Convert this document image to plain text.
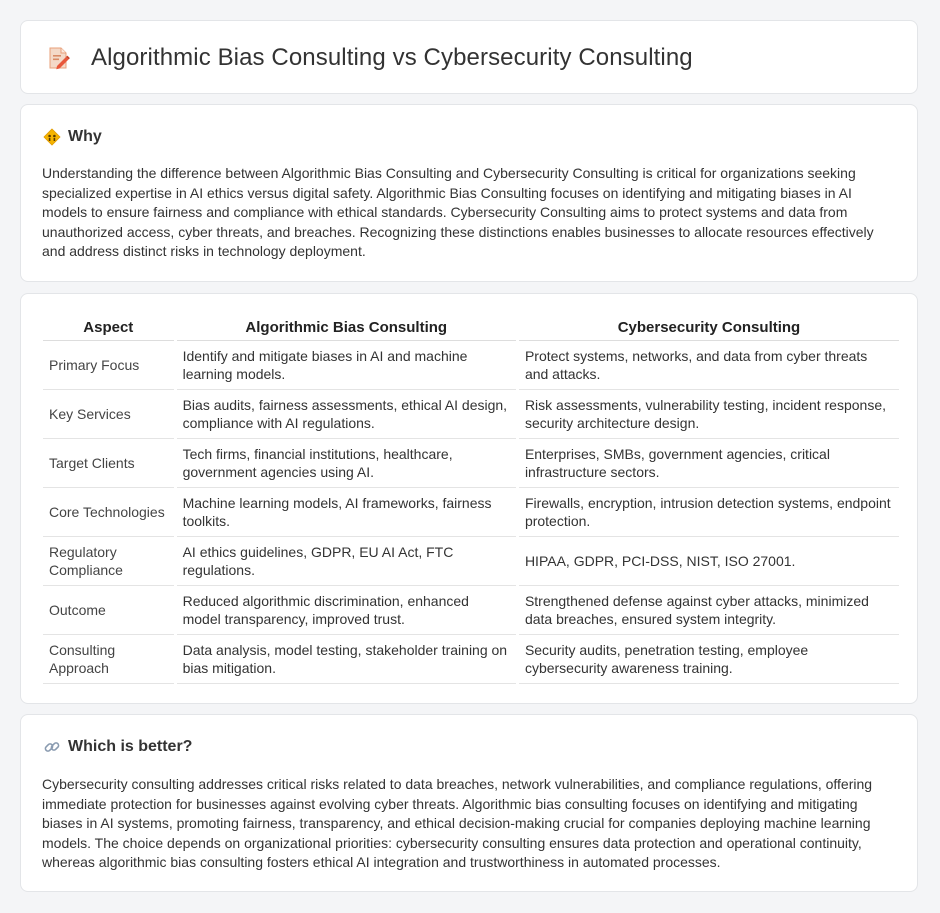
Algorithmic Bias Consulting vs Cybersecurity Consulting
Why
Understanding the difference between Algorithmic Bias Consulting and Cybersecurity Consulting is critical for organizations seeking specialized expertise in AI ethics versus digital safety. Algorithmic Bias Consulting focuses on identifying and mitigating biases in AI models to ensure fairness and compliance with ethical standards. Cybersecurity Consulting aims to protect systems and data from unauthorized access, cyber threats, and breaches. Recognizing these distinctions enables businesses to allocate resources effectively and address distinct risks in technology deployment.
Aspect	Algorithmic Bias Consulting	Cybersecurity Consulting
Primary Focus	Identify and mitigate biases in AI and machine learning models.	Protect systems, networks, and data from cyber threats and attacks.
Key Services	Bias audits, fairness assessments, ethical AI design, compliance with AI regulations.	Risk assessments, vulnerability testing, incident response, security architecture design.
Target Clients	Tech firms, financial institutions, healthcare, government agencies using AI.	Enterprises, SMBs, government agencies, critical infrastructure sectors.
Core Technologies	Machine learning models, AI frameworks, fairness toolkits.	Firewalls, encryption, intrusion detection systems, endpoint protection.
Regulatory Compliance	AI ethics guidelines, GDPR, EU AI Act, FTC regulations.	HIPAA, GDPR, PCI-DSS, NIST, ISO 27001.
Outcome	Reduced algorithmic discrimination, enhanced model transparency, improved trust.	Strengthened defense against cyber attacks, minimized data breaches, ensured system integrity.
Consulting Approach	Data analysis, model testing, stakeholder training on bias mitigation.	Security audits, penetration testing, employee cybersecurity awareness training.
Which is better?
Cybersecurity consulting addresses critical risks related to data breaches, network vulnerabilities, and compliance regulations, offering immediate protection for businesses against evolving cyber threats. Algorithmic bias consulting focuses on identifying and mitigating biases in AI systems, promoting fairness, transparency, and ethical decision-making crucial for companies deploying machine learning models. The choice depends on organizational priorities: cybersecurity consulting ensures data protection and operational continuity, whereas algorithmic bias consulting fosters ethical AI integration and trustworthiness in automated processes.
